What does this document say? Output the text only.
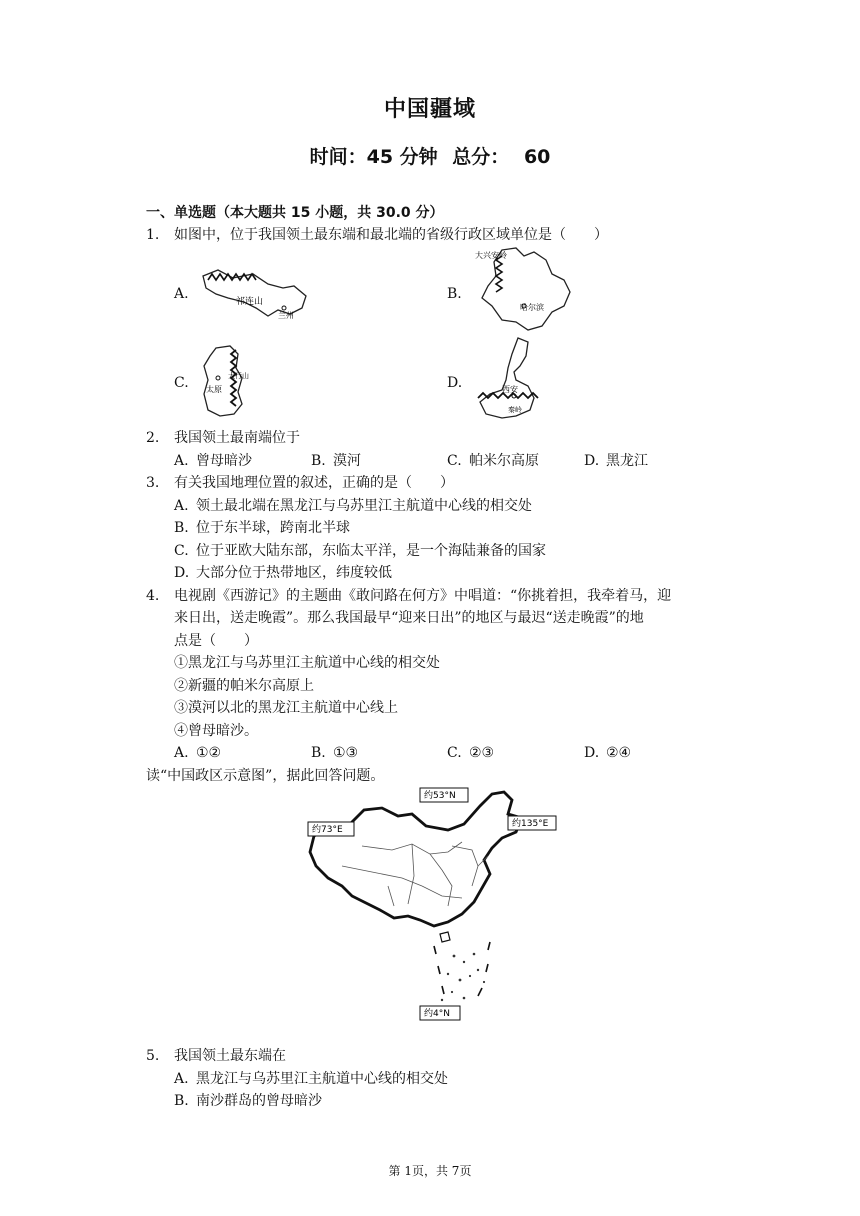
中国疆域
时间：45 分钟 总分： 60
一、单选题（本大题共 15 小题，共 30.0 分）
1. 如图中，位于我国领土最东端和最北端的省级行政区域单位是（　　）
A.	祁连山
兰州
B.
大兴安岭
哈尔滨
C. 太原
太行山	D.	西安
秦岭
2. 我国领土最南端位于
A. 曾母暗沙	B. 漠河	C. 帕米尔高原	D. 黑龙江
3. 有关我国地理位置的叙述，正确的是（　　）
A. 领土最北端在黑龙江与乌苏里江主航道中心线的相交处
B. 位于东半球，跨南北半球
C. 位于亚欧大陆东部，东临太平洋，是一个海陆兼备的国家
D. 大部分位于热带地区，纬度较低
4. 电视剧《西游记》的主题曲《敢问路在何方》中唱道：“你挑着担，我牵着马，迎
来日出，送走晚霞”。那么我国最早“迎来日出”的地区与最迟“送走晚霞”的地
点是（　　）
①黑龙江与乌苏里江主航道中心线的相交处
②新疆的帕米尔高原上
③漠河以北的黑龙江主航道中心线上
④曾母暗沙。
A. ①②	B. ①③	C. ②③	D. ②④
读“中国政区示意图”，据此回答问题。
约53°N
约73°E
约135°E
约4°N
5. 我国领土最东端在
A. 黑龙江与乌苏里江主航道中心线的相交处
B. 南沙群岛的曾母暗沙
第 1页，共 7页
